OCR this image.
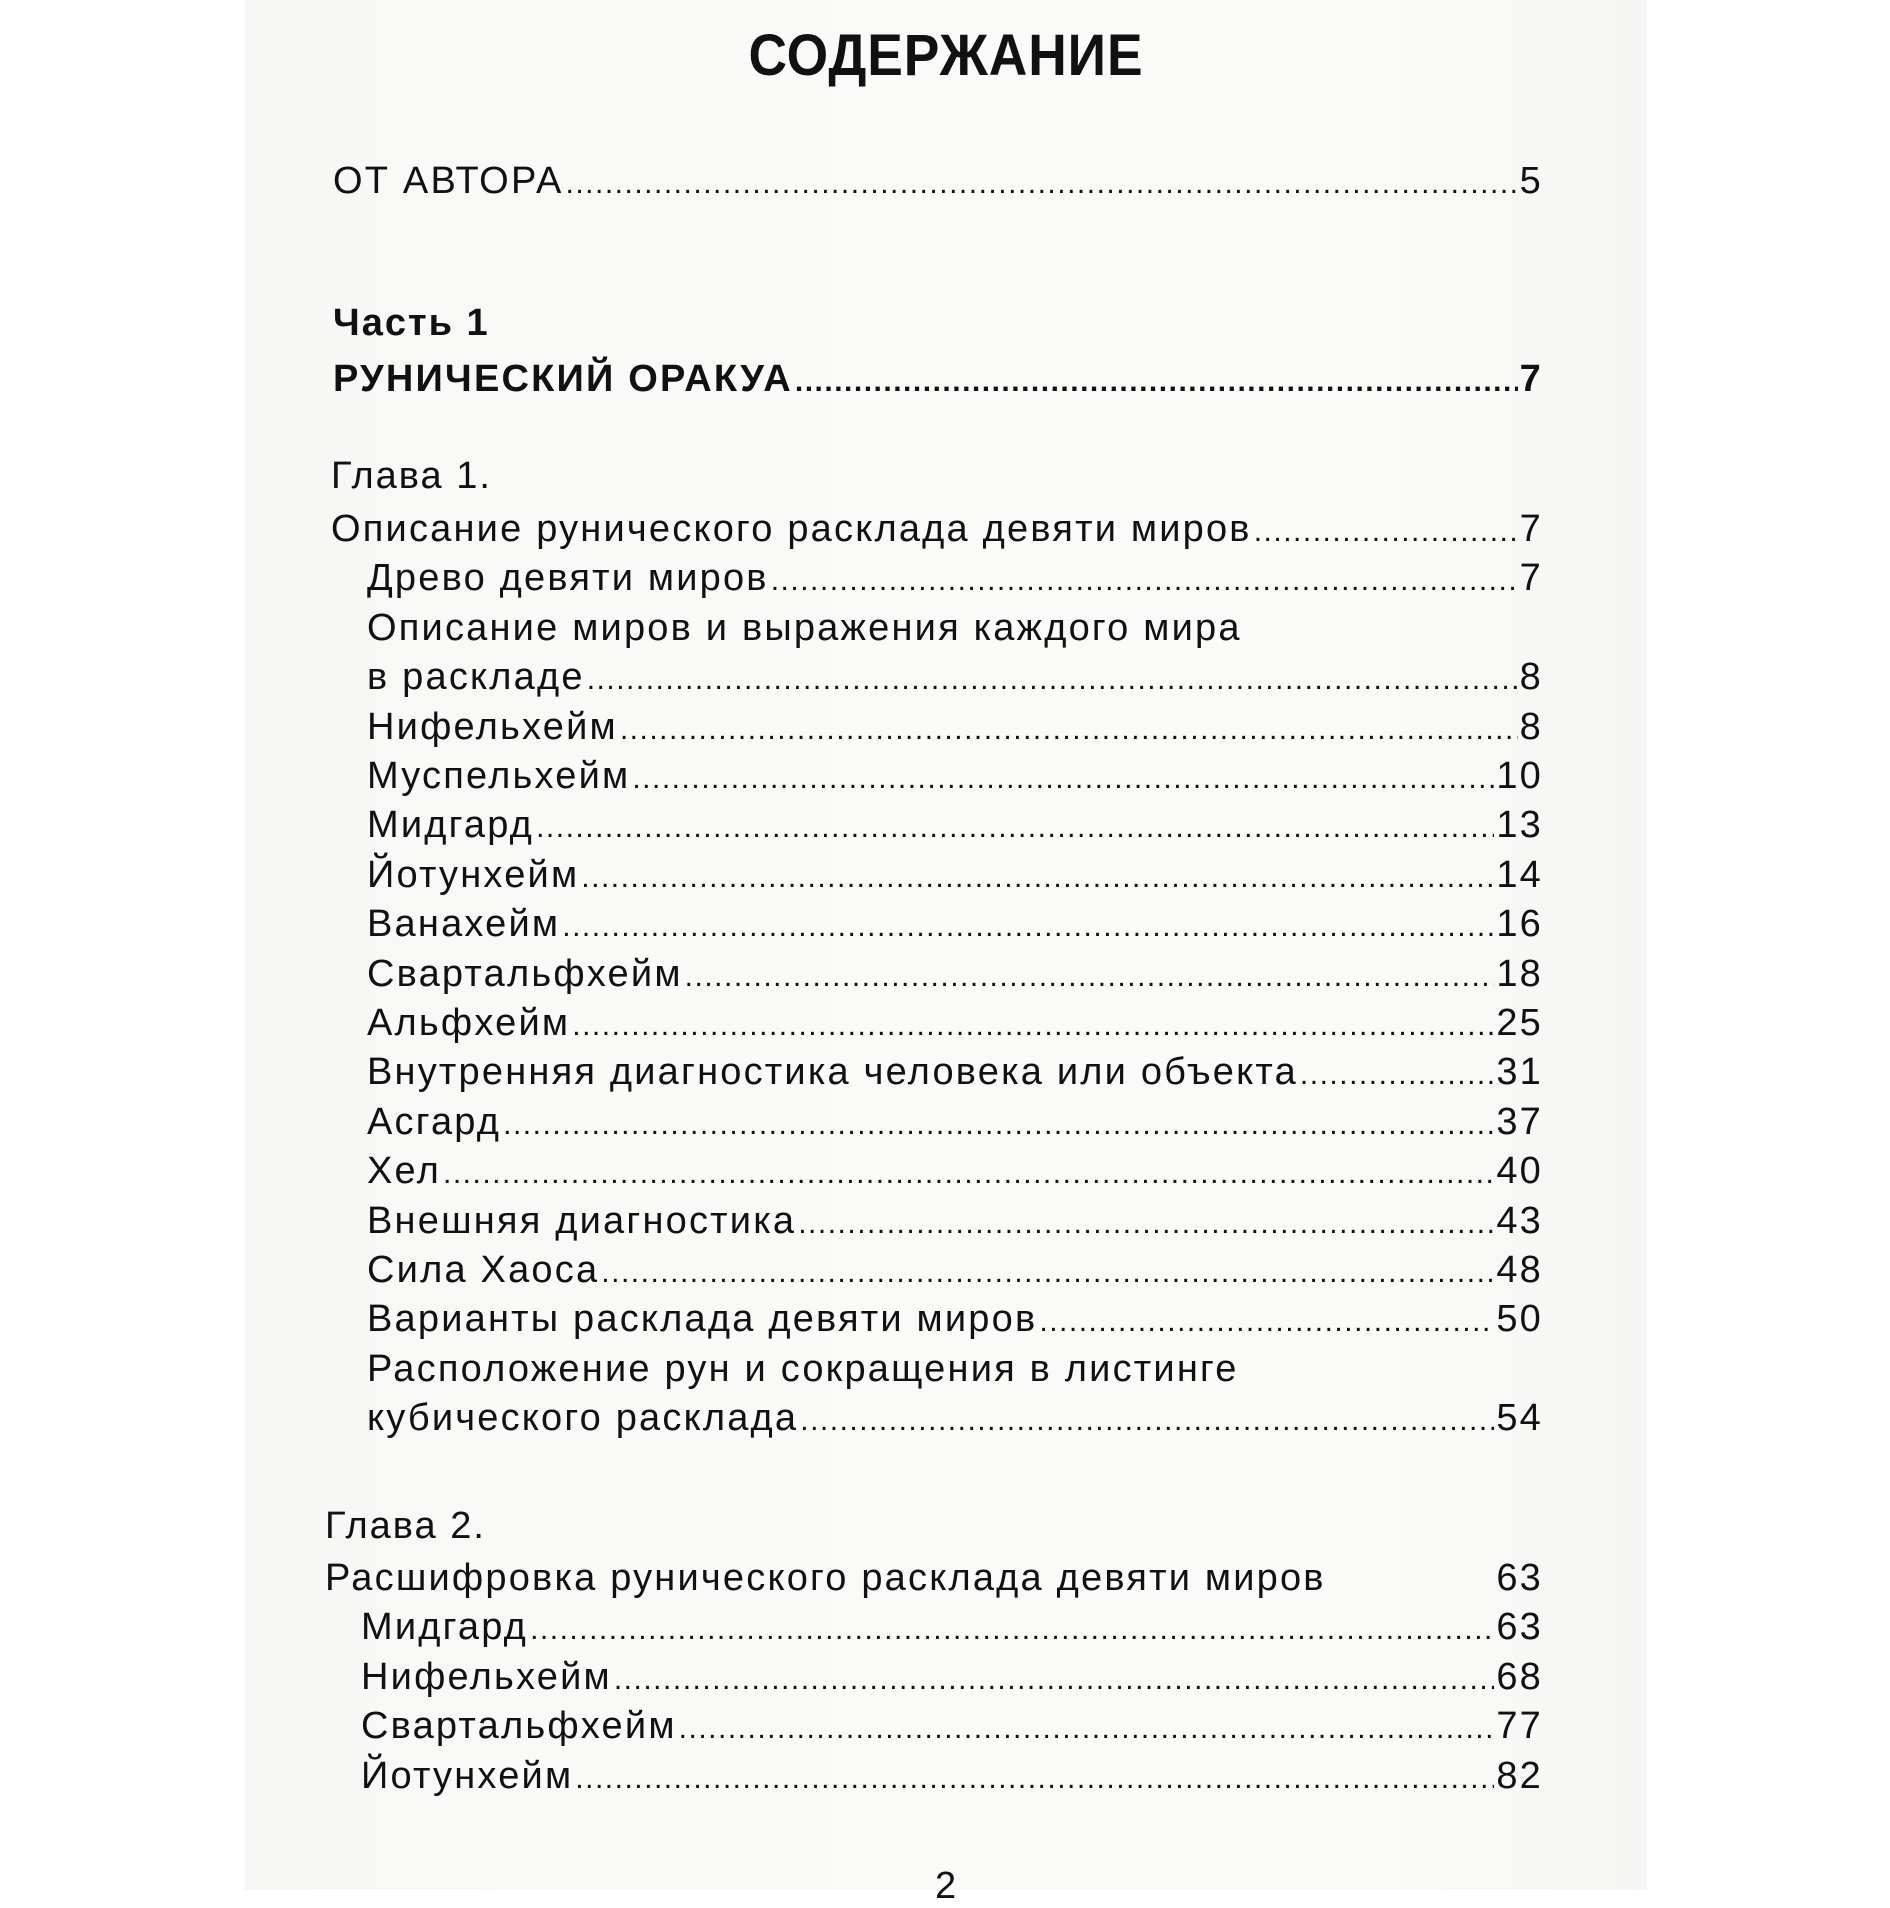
СОДЕРЖАНИЕ
ОТ АВТОРА .....	5
Часть 1
РУНИЧЕСКИЙ ОРАКУА .....	7
Глава 1.
Описание рунического расклада девяти миров .....	7
Древо девяти миров .....	7
Описание миров и выражения каждого мира
в раскладе .....	8
Нифельхейм .....	8
Муспельхейм .....	10
Мидгард .....	13
Йотунхейм .....	14
Ванахейм .....	16
Свартальфхейм .....	18
Альфхейм .....	25
Внутренняя диагностика человека или объекта .....	31
Асгард .....	37
Хел .....	40
Внешняя диагностика .....	43
Сила Хаоса .....	48
Варианты расклада девяти миров .....	50
Расположение рун и сокращения в листинге
кубического расклада .....	54
Глава 2.
Расшифровка рунического расклада девяти миров	63
Мидгард .....	63
Нифельхейм .....	68
Свартальфхейм .....	77
Йотунхейм .....	82
2
